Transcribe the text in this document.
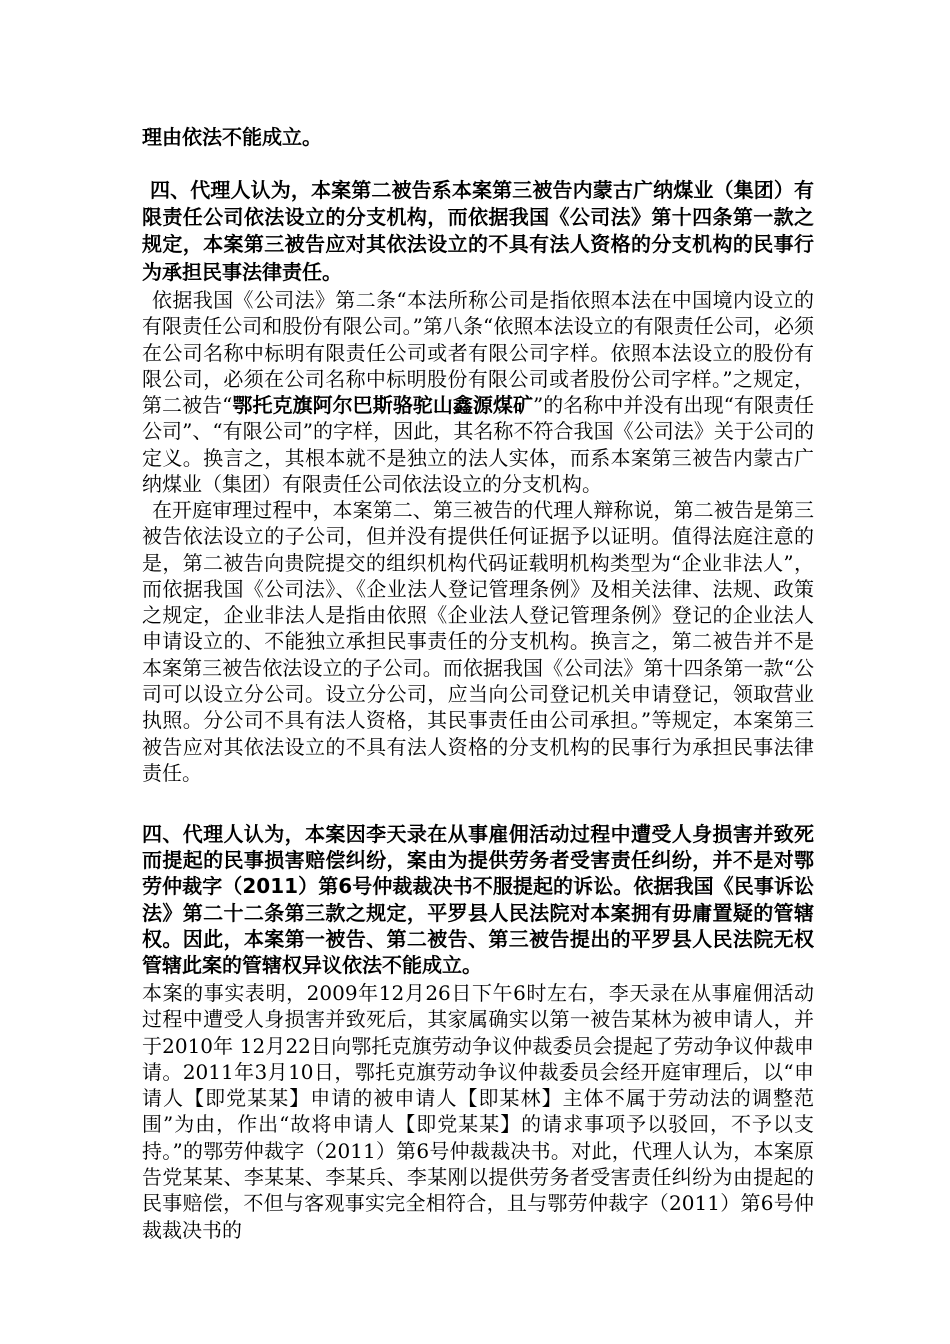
理由依法不能成立。

四、代理人认为，本案第二被告系本案第三被告内蒙古广纳煤业（集团）有限责任公司依法设立的分支机构，而依据我国《公司法》第十四条第一款之规定，本案第三被告应对其依法设立的不具有法人资格的分支机构的民事行为承担民事法律责任。

依据我国《公司法》第二条“本法所称公司是指依照本法在中国境内设立的有限责任公司和股份有限公司。”第八条“依照本法设立的有限责任公司，必须在公司名称中标明有限责任公司或者有限公司字样。依照本法设立的股份有限公司，必须在公司名称中标明股份有限公司或者股份公司字样。”之规定，第二被告“鄂托克旗阿尔巴斯骆驼山鑫源煤矿”的名称中并没有出现“有限责任公司”、“有限公司”的字样，因此，其名称不符合我国《公司法》关于公司的定义。换言之，其根本就不是独立的法人实体，而系本案第三被告内蒙古广纳煤业（集团）有限责任公司依法设立的分支机构。

在开庭审理过程中，本案第二、第三被告的代理人辩称说，第二被告是第三被告依法设立的子公司，但并没有提供任何证据予以证明。值得法庭注意的是，第二被告向贵院提交的组织机构代码证载明机构类型为“企业非法人”，而依据我国《公司法》、《企业法人登记管理条例》及相关法律、法规、政策之规定，企业非法人是指由依照《企业法人登记管理条例》登记的企业法人申请设立的、不能独立承担民事责任的分支机构。换言之，第二被告并不是本案第三被告依法设立的子公司。而依据我国《公司法》第十四条第一款“公司可以设立分公司。设立分公司，应当向公司登记机关申请登记，领取营业执照。分公司不具有法人资格，其民事责任由公司承担。”等规定，本案第三被告应对其依法设立的不具有法人资格的分支机构的民事行为承担民事法律责任。

四、代理人认为，本案因李天录在从事雇佣活动过程中遭受人身损害并致死而提起的民事损害赔偿纠纷，案由为提供劳务者受害责任纠纷，并不是对鄂劳仲裁字（2011）第6号仲裁裁决书不服提起的诉讼。依据我国《民事诉讼法》第二十二条第三款之规定，平罗县人民法院对本案拥有毋庸置疑的管辖权。因此，本案第一被告、第二被告、第三被告提出的平罗县人民法院无权管辖此案的管辖权异议依法不能成立。

本案的事实表明，2009年12月26日下午6时左右，李天录在从事雇佣活动过程中遭受人身损害并致死后，其家属确实以第一被告某林为被申请人，并于2010年 12月22日向鄂托克旗劳动争议仲裁委员会提起了劳动争议仲裁申请。2011年3月10日，鄂托克旗劳动争议仲裁委员会经开庭审理后，以“申请人【即党某某】申请的被申请人【即某林】主体不属于劳动法的调整范围”为由，作出“故将申请人【即党某某】的请求事项予以驳回，不予以支持。”的鄂劳仲裁字（2011）第6号仲裁裁决书。对此，代理人认为，本案原告党某某、李某某、李某兵、李某刚以提供劳务者受害责任纠纷为由提起的民事赔偿，不但与客观事实完全相符合，且与鄂劳仲裁字（2011）第6号仲裁裁决书的
